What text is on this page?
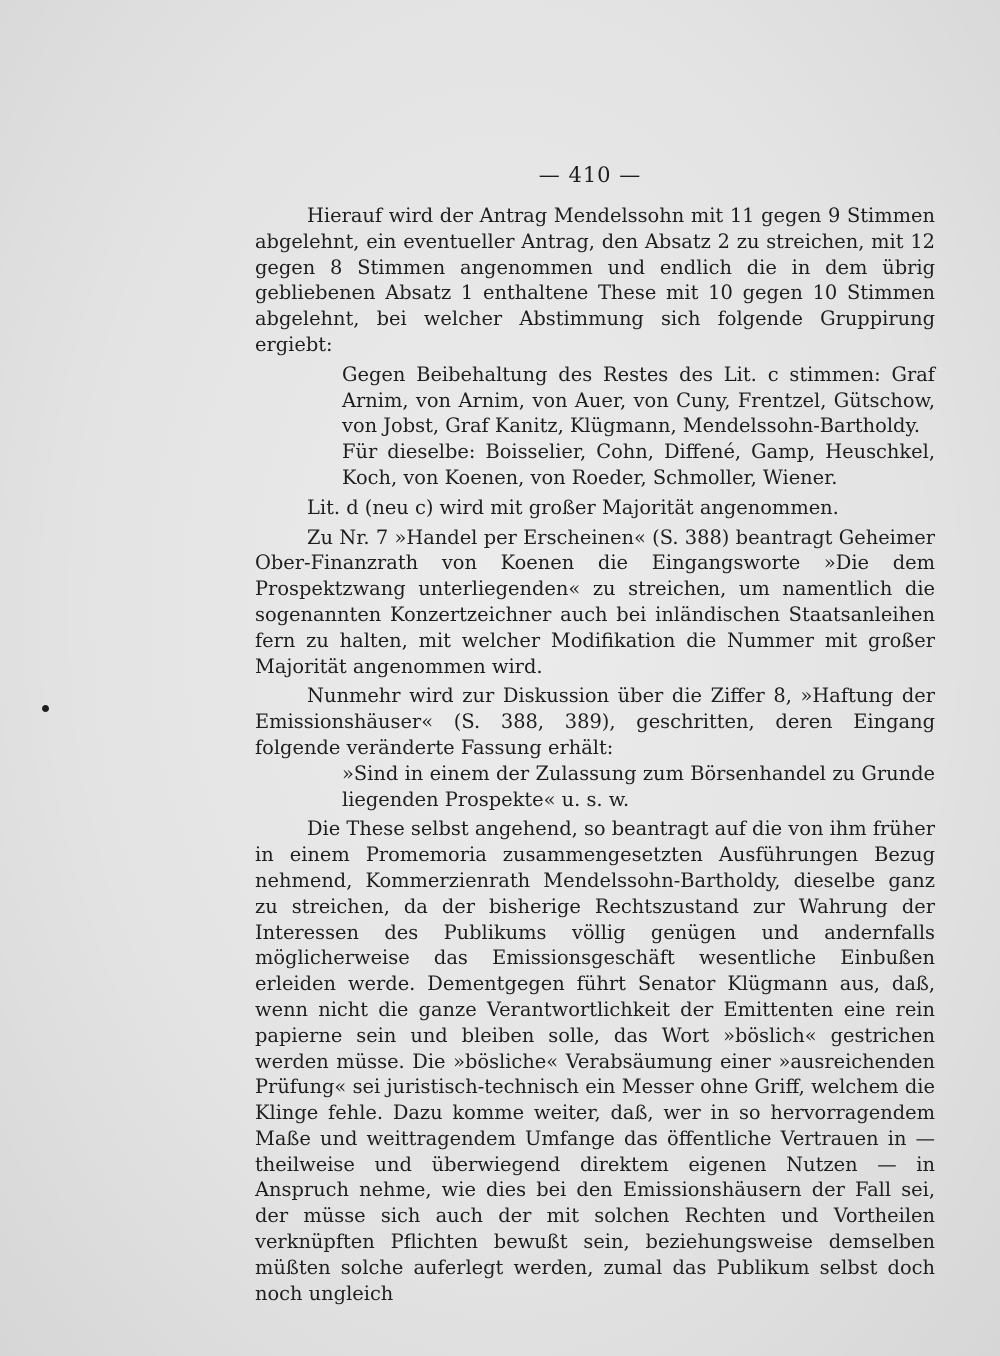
— 410 —

Hierauf wird der Antrag Mendelssohn mit 11 gegen 9 Stimmen abgelehnt, ein eventueller Antrag, den Absatz 2 zu streichen, mit 12 gegen 8 Stimmen angenommen und endlich die in dem übrig gebliebenen Absatz 1 enthaltene These mit 10 gegen 10 Stimmen abgelehnt, bei welcher Abstimmung sich folgende Gruppirung ergiebt:

Gegen Beibehaltung des Restes des Lit. c stimmen: Graf Arnim, von Arnim, von Auer, von Cuny, Frentzel, Gütschow, von Jobst, Graf Kanitz, Klügmann, Mendelssohn-Bartholdy.

Für dieselbe: Boisselier, Cohn, Diffené, Gamp, Heuschkel, Koch, von Koenen, von Roeder, Schmoller, Wiener.

Lit. d (neu c) wird mit großer Majorität angenommen.

Zu Nr. 7 »Handel per Erscheinen« (S. 388) beantragt Geheimer Ober-Finanzrath von Koenen die Eingangsworte »Die dem Prospektzwang unterliegenden« zu streichen, um namentlich die sogenannten Konzertzeichner auch bei inländischen Staatsanleihen fern zu halten, mit welcher Modifikation die Nummer mit großer Majorität angenommen wird.

Nunmehr wird zur Diskussion über die Ziffer 8, »Haftung der Emissionshäuser« (S. 388, 389), geschritten, deren Eingang folgende veränderte Fassung erhält:

»Sind in einem der Zulassung zum Börsenhandel zu Grunde liegenden Prospekte« u. s. w.

Die These selbst angehend, so beantragt auf die von ihm früher in einem Promemoria zusammengesetzten Ausführungen Bezug nehmend, Kommerzienrath Mendelssohn-Bartholdy, dieselbe ganz zu streichen, da der bisherige Rechtszustand zur Wahrung der Interessen des Publikums völlig genügen und andernfalls möglicherweise das Emissionsgeschäft wesentliche Einbußen erleiden werde. Dementgegen führt Senator Klügmann aus, daß, wenn nicht die ganze Verantwortlichkeit der Emittenten eine rein papierne sein und bleiben solle, das Wort »böslich« gestrichen werden müsse. Die »bösliche« Verabsäumung einer »ausreichenden Prüfung« sei juristisch-technisch ein Messer ohne Griff, welchem die Klinge fehle. Dazu komme weiter, daß, wer in so hervorragendem Maße und weittragendem Umfange das öffentliche Vertrauen in — theilweise und überwiegend direktem eigenen Nutzen — in Anspruch nehme, wie dies bei den Emissionshäusern der Fall sei, der müsse sich auch der mit solchen Rechten und Vortheilen verknüpften Pflichten bewußt sein, beziehungsweise demselben müßten solche auferlegt werden, zumal das Publikum selbst doch noch ungleich
